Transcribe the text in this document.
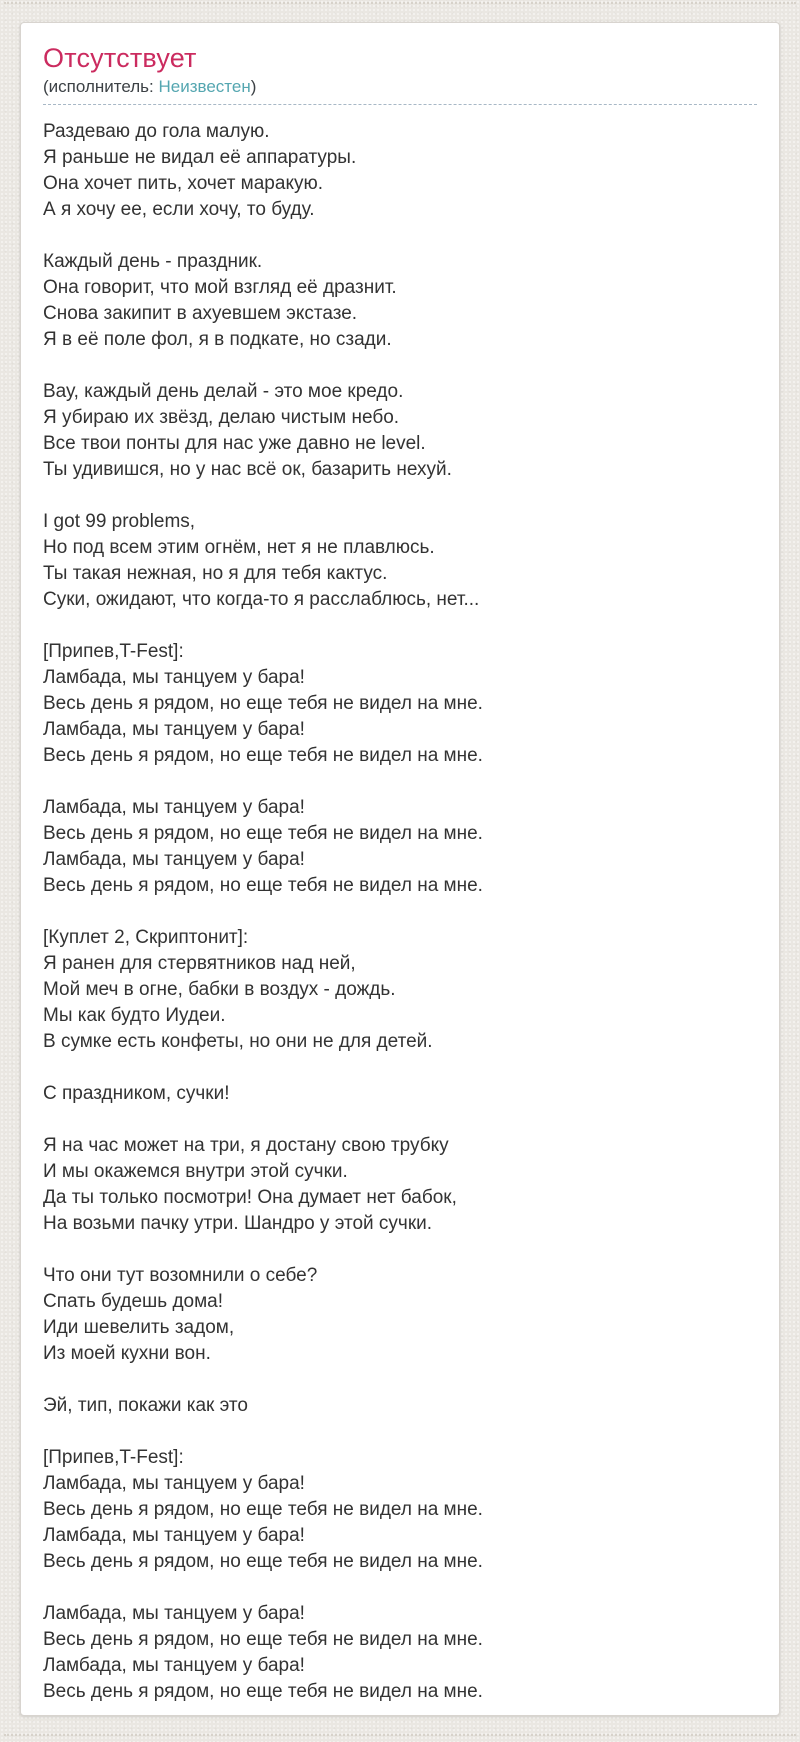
Отсутствует
(исполнитель: Неизвестен)

Раздеваю до гола малую.
Я раньше не видал её аппаратуры.
Она хочет пить, хочет маракую.
А я хочу ее, если хочу, то буду.

Каждый день - праздник.
Она говорит, что мой взгляд её дразнит.
Снова закипит в ахуевшем экстазе.
Я в её поле фол, я в подкате, но сзади.

Вау, каждый день делай - это мое кредо.
Я убираю их звёзд, делаю чистым небо.
Все твои понты для нас уже давно не level.
Ты удивишся, но у нас всё ок, базарить нехуй.

I got 99 problems,
Но под всем этим огнём, нет я не плавлюсь.
Ты такая нежная, но я для тебя кактус.
Суки, ожидают, что когда-то я расслаблюсь, нет...

[Припев,T-Fest]:
Ламбада, мы танцуем у бара!
Весь день я рядом, но еще тебя не видел на мне.
Ламбада, мы танцуем у бара!
Весь день я рядом, но еще тебя не видел на мне.

Ламбада, мы танцуем у бара!
Весь день я рядом, но еще тебя не видел на мне.
Ламбада, мы танцуем у бара!
Весь день я рядом, но еще тебя не видел на мне.

[Куплет 2, Скриптонит]:
Я ранен для стервятников над ней,
Мой меч в огне, бабки в воздух - дождь.
Мы как будто Иудеи.
В сумке есть конфеты, но они не для детей.

С праздником, сучки!

Я на час может на три, я достану свою трубку
И мы окажемся внутри этой сучки.
Да ты только посмотри! Она думает нет бабок,
На возьми пачку утри. Шандро у этой сучки.

Что они тут возомнили о себе?
Спать будешь дома!
Иди шевелить задом,
Из моей кухни вон.

Эй, тип, покажи как это

[Припев,T-Fest]:
Ламбада, мы танцуем у бара!
Весь день я рядом, но еще тебя не видел на мне.
Ламбада, мы танцуем у бара!
Весь день я рядом, но еще тебя не видел на мне.

Ламбада, мы танцуем у бара!
Весь день я рядом, но еще тебя не видел на мне.
Ламбада, мы танцуем у бара!
Весь день я рядом, но еще тебя не видел на мне.
